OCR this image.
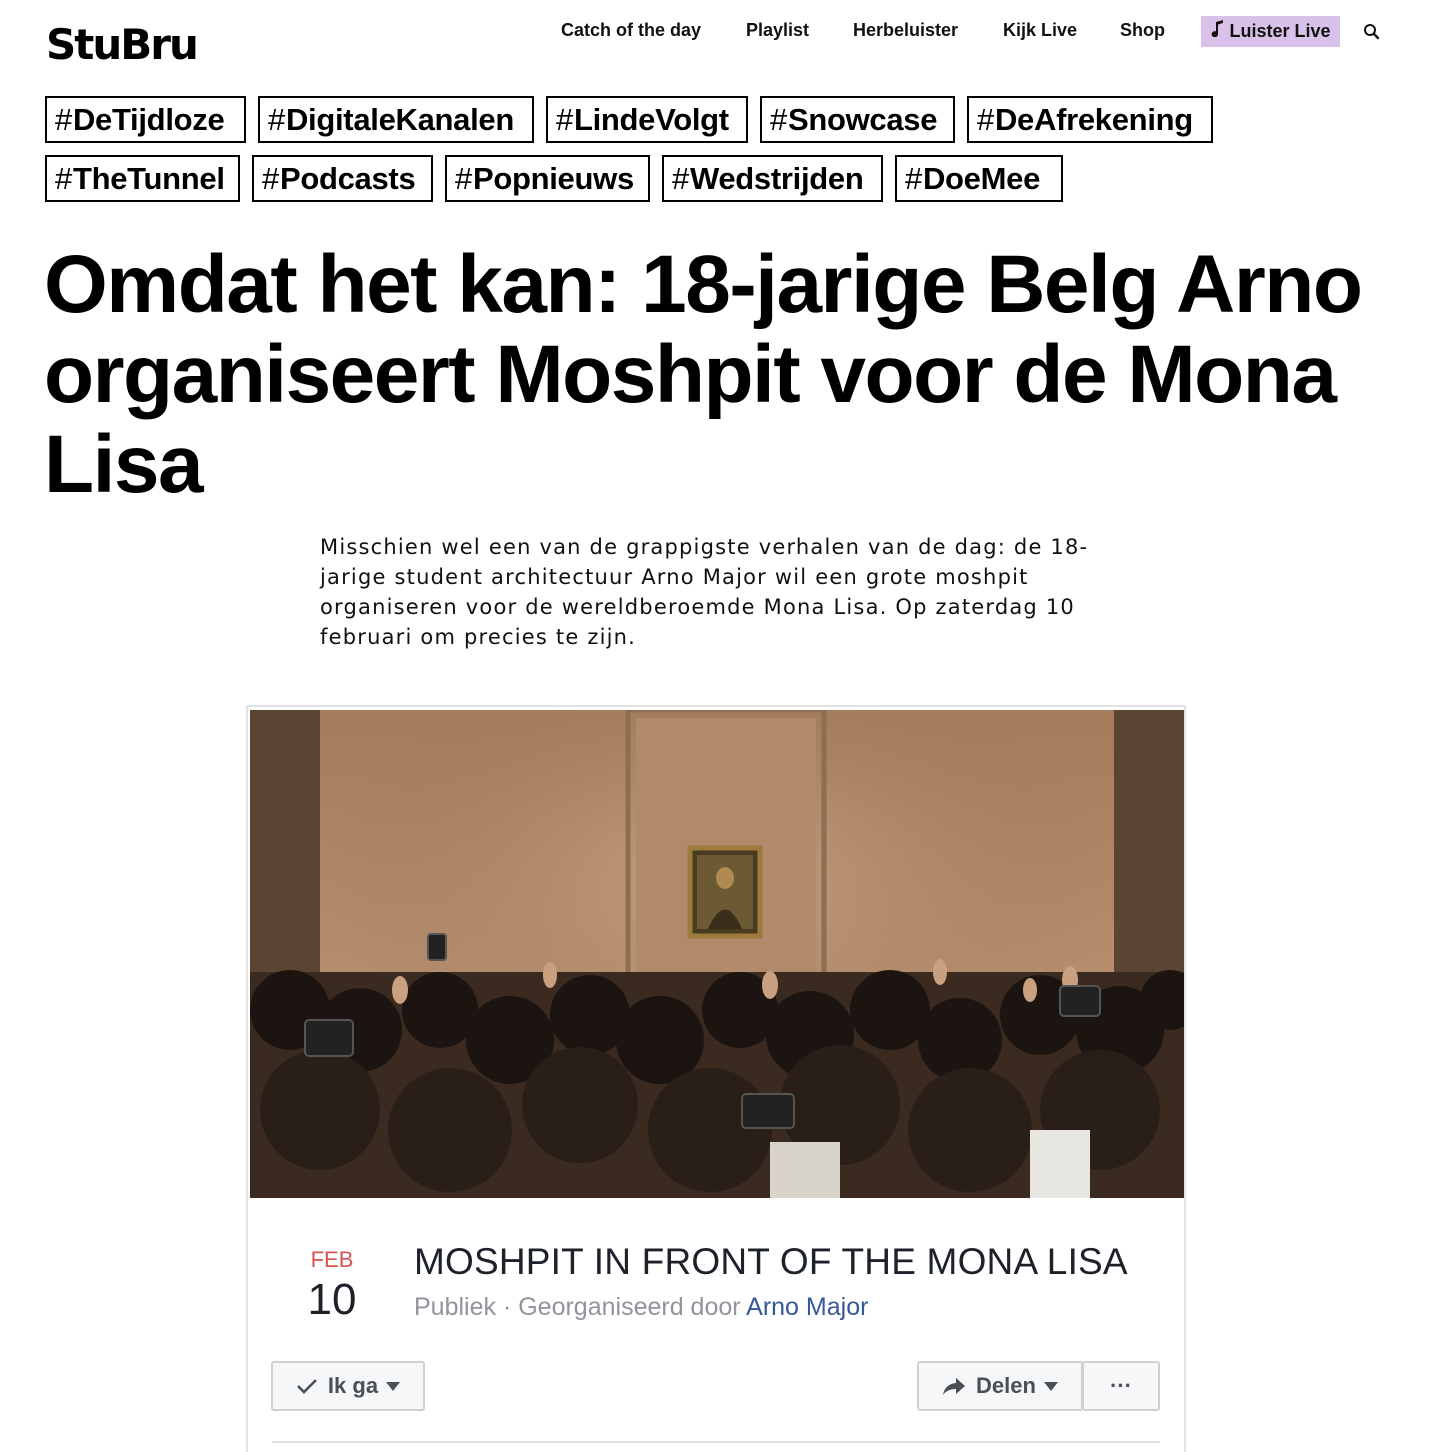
StuBru	Catch of the day Playlist Herbeluister Kijk Live Shop	Luister Live
# DeTijdloze # DigitaleKanalen # LindeVolgt # Snowcase # DeAfrekening
# TheTunnel # Podcasts # Popnieuws # Wedstrijden # DoeMee
Omdat het kan: 18-jarige Belg Arno organiseert Moshpit voor de Mona Lisa

Misschien wel een van de grappigste verhalen van de dag: de 18-jarige student architectuur Arno Major wil een grote moshpit organiseren voor de wereldberoemde Mona Lisa. Op zaterdag 10 februari om precies te zijn.

FEB
10
MOSHPIT IN FRONT OF THE MONA LISA
Publiek · Georganiseerd door Arno Major
Ik ga	Delen	···
